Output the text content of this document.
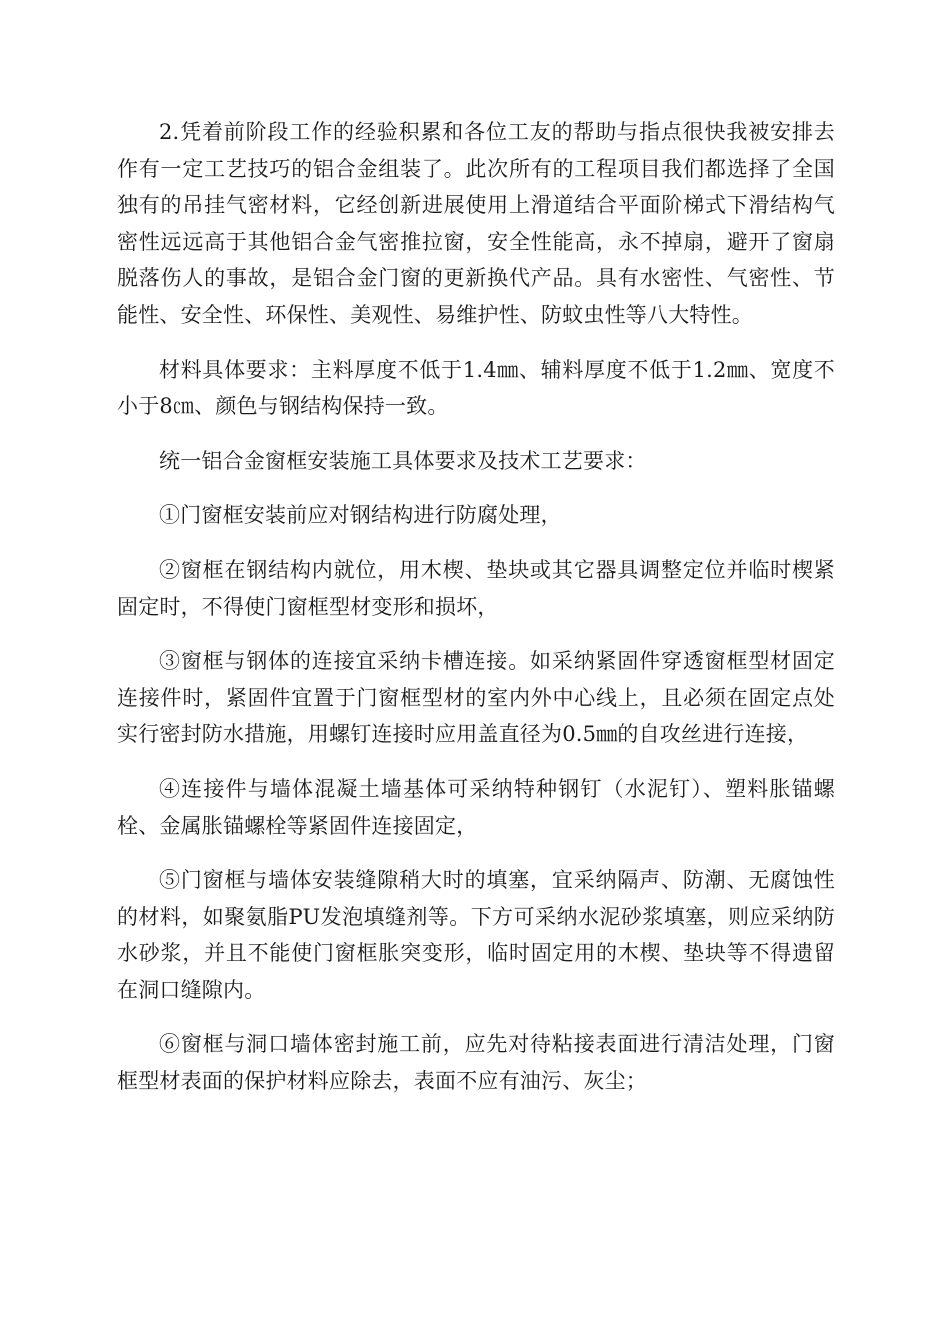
2.凭着前阶段工作的经验积累和各位工友的帮助与指点很快我被安排去作有一定工艺技巧的铝合金组装了。此次所有的工程项目我们都选择了全国独有的吊挂气密材料，它经创新进展使用上滑道结合平面阶梯式下滑结构气密性远远高于其他铝合金气密推拉窗，安全性能高，永不掉扇，避开了窗扇脱落伤人的事故，是铝合金门窗的更新换代产品。具有水密性、气密性、节能性、安全性、环保性、美观性、易维护性、防蚊虫性等八大特性。

材料具体要求：主料厚度不低于1.4㎜、辅料厚度不低于1.2㎜、宽度不小于8㎝、颜色与钢结构保持一致。

统一铝合金窗框安装施工具体要求及技术工艺要求：

①门窗框安装前应对钢结构进行防腐处理，

②窗框在钢结构内就位，用木楔、垫块或其它器具调整定位并临时楔紧固定时，不得使门窗框型材变形和损坏，

③窗框与钢体的连接宜采纳卡槽连接。如采纳紧固件穿透窗框型材固定连接件时，紧固件宜置于门窗框型材的室内外中心线上，且必须在固定点处实行密封防水措施，用螺钉连接时应用盖直径为0.5㎜的自攻丝进行连接，

④连接件与墙体混凝土墙基体可采纳特种钢钉（水泥钉）、塑料胀锚螺栓、金属胀锚螺栓等紧固件连接固定，

⑤门窗框与墙体安装缝隙稍大时的填塞，宜采纳隔声、防潮、无腐蚀性的材料，如聚氨脂PU发泡填缝剂等。下方可采纳水泥砂浆填塞，则应采纳防水砂浆，并且不能使门窗框胀突变形，临时固定用的木楔、垫块等不得遗留在洞口缝隙内。

⑥窗框与洞口墙体密封施工前，应先对待粘接表面进行清洁处理，门窗框型材表面的保护材料应除去，表面不应有油污、灰尘；
